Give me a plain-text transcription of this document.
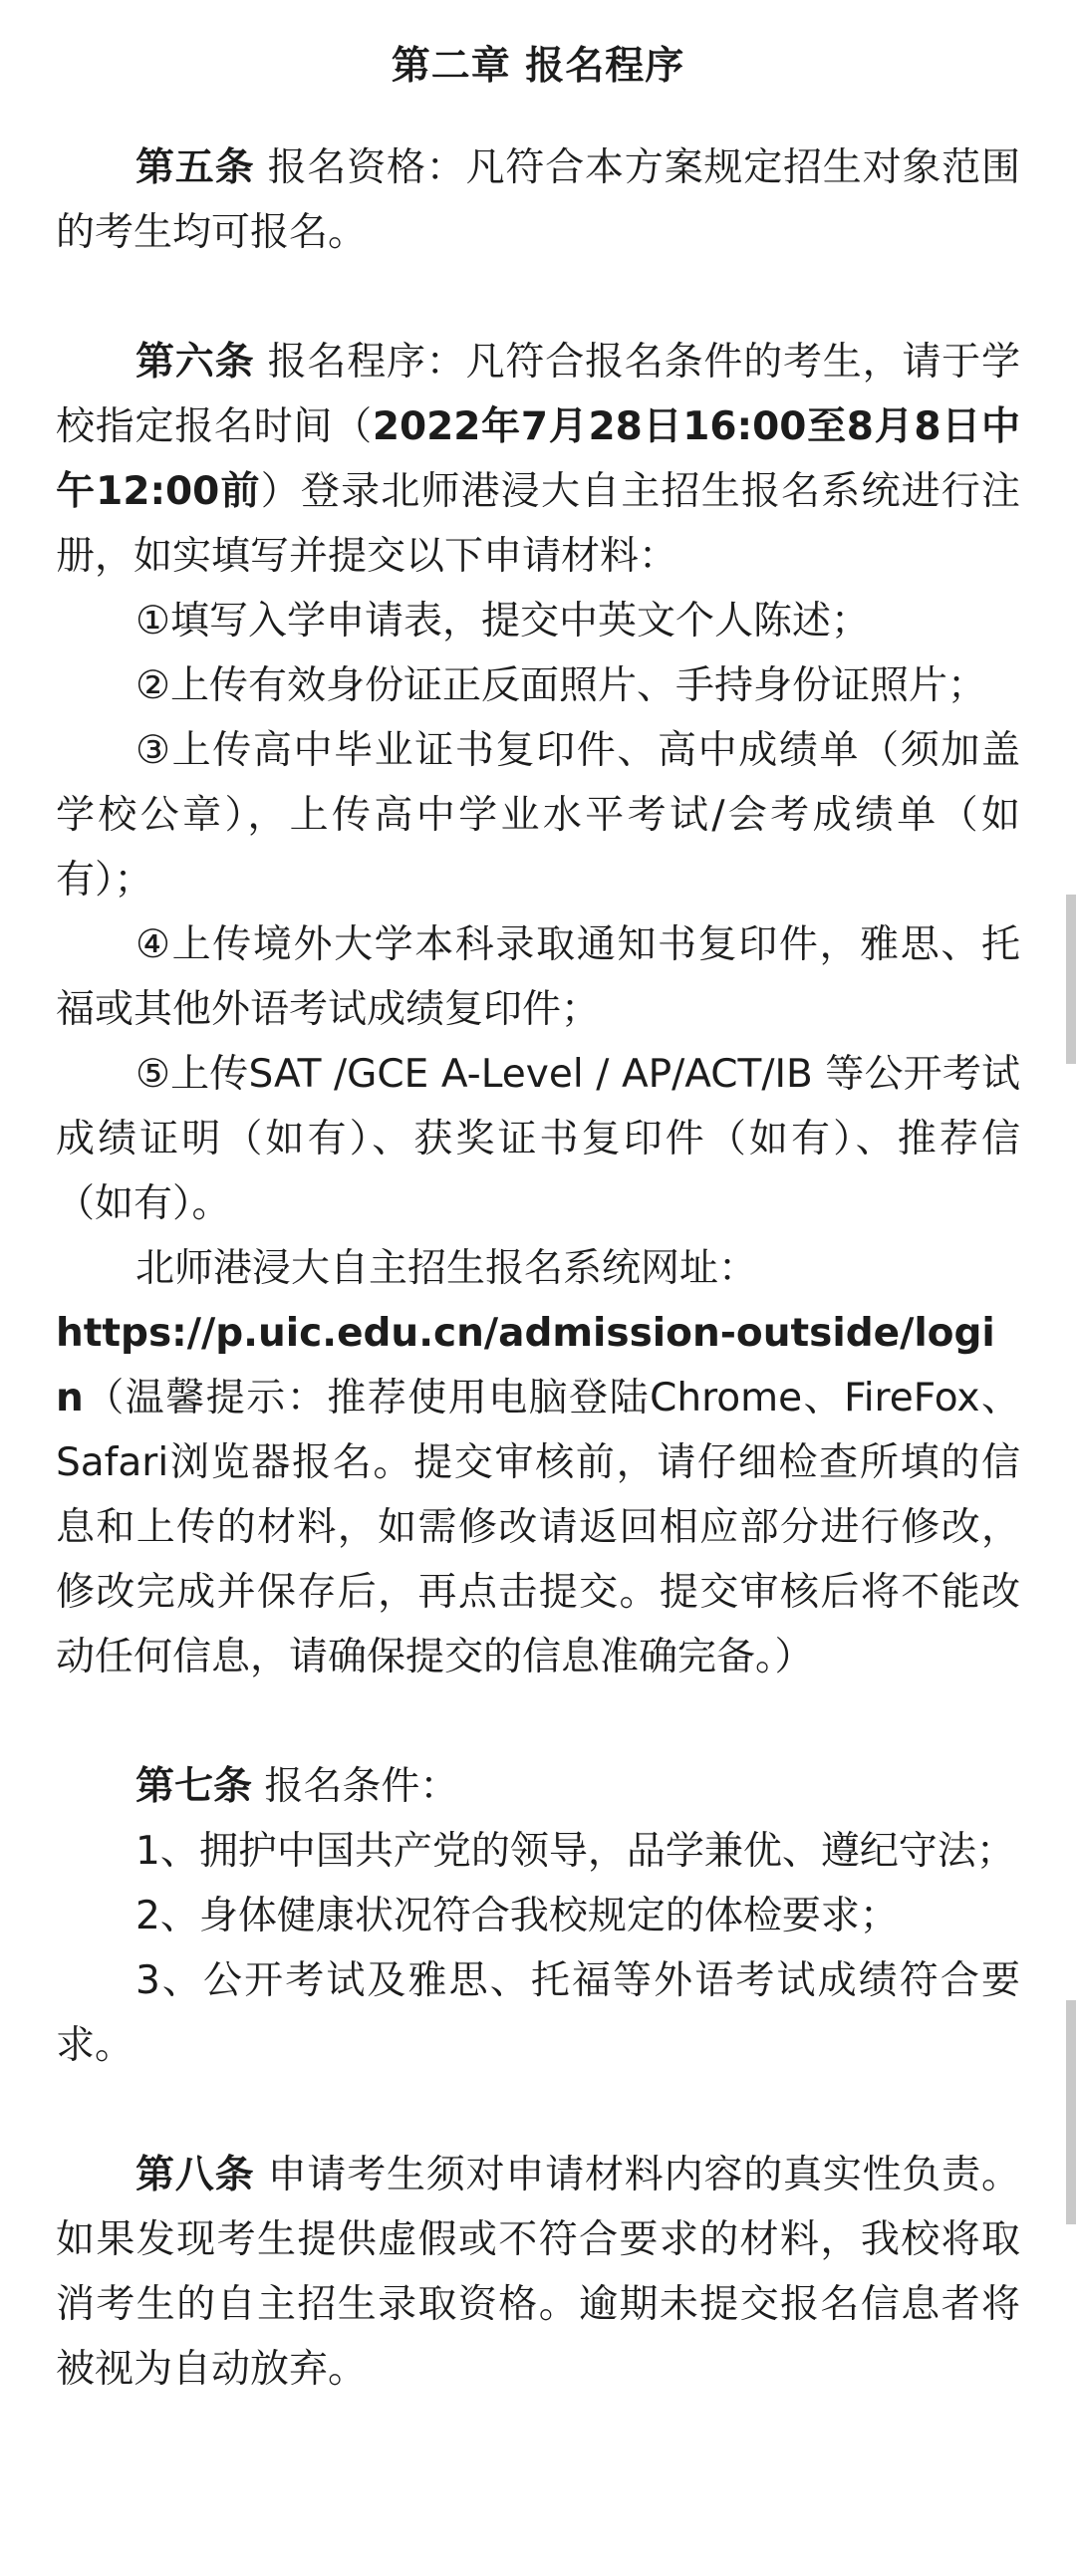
第二章 报名程序

第五条 报名资格：凡符合本方案规定招生对象范围的考生均可报名。

第六条 报名程序：凡符合报名条件的考生，请于学校指定报名时间（2022年7月28日16:00至8月8日中午12:00前）登录北师港浸大自主招生报名系统进行注册，如实填写并提交以下申请材料：

①填写入学申请表，提交中英文个人陈述；

②上传有效身份证正反面照片、手持身份证照片；

③上传高中毕业证书复印件、高中成绩单（须加盖学校公章），上传高中学业水平考试/会考成绩单（如有）；

④上传境外大学本科录取通知书复印件，雅思、托福或其他外语考试成绩复印件；

⑤上传SAT /GCE A-Level / AP/ACT/IB 等公开考试成绩证明（如有）、获奖证书复印件（如有）、推荐信（如有）。

北师港浸大自主招生报名系统网址：

https://p.uic.edu.cn/admission-outside/login（温馨提示：推荐使用电脑登陆Chrome、FireFox、Safari浏览器报名。提交审核前，请仔细检查所填的信息和上传的材料，如需修改请返回相应部分进行修改，修改完成并保存后，再点击提交。提交审核后将不能改动任何信息，请确保提交的信息准确完备。）

第七条 报名条件：

1、拥护中国共产党的领导，品学兼优、遵纪守法；

2、身体健康状况符合我校规定的体检要求；

3、公开考试及雅思、托福等外语考试成绩符合要求。

第八条 申请考生须对申请材料内容的真实性负责。如果发现考生提供虚假或不符合要求的材料，我校将取消考生的自主招生录取资格。逾期未提交报名信息者将被视为自动放弃。
